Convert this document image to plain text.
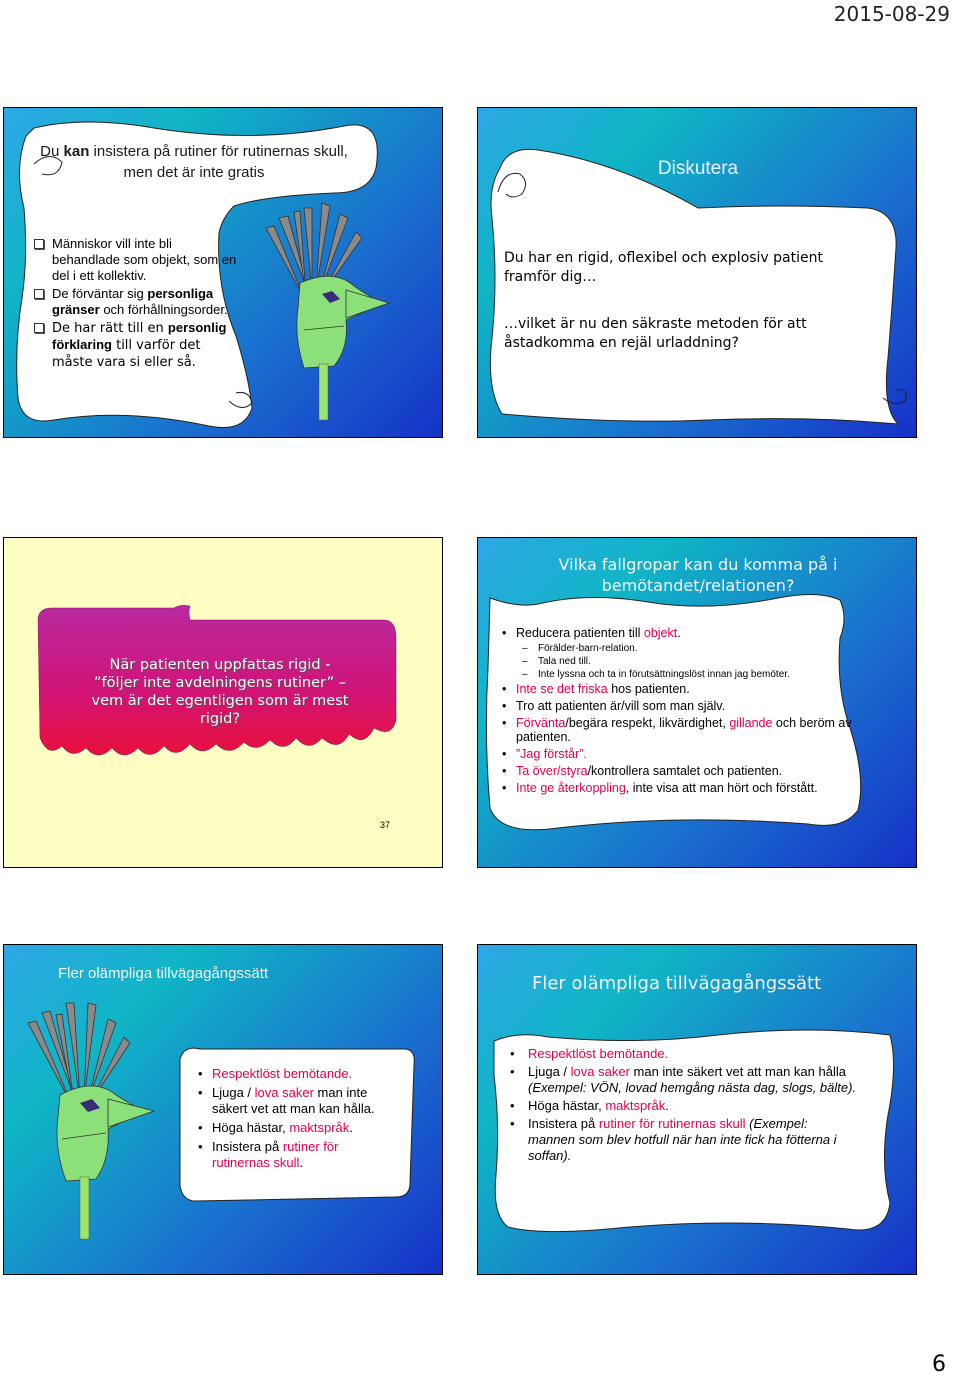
2015-08-29
Du kan insistera på rutiner för rutinernas skull, men det är inte gratis
Människor vill inte bli behandlade som objekt, som en del i ett kollektiv.
De förväntar sig personliga gränser och förhållningsorder.
De har rätt till en personlig förklaring till varför det måste vara si eller så.
Diskutera
Du har en rigid, oflexibel och explosiv patient framför dig…
…vilket är nu den säkraste metoden för att åstadkomma en rejäl urladdning?
När patienten uppfattas rigid - ”följer inte avdelningens rutiner” – vem är det egentligen som är mest rigid?
37
Vilka fallgropar kan du komma på i bemötandet/relationen?
• Reducera patienten till objekt.
– Förälder-barn-relation.
– Tala ned till.
– Inte lyssna och ta in förutsättningslöst innan jag bemöter.
• Inte se det friska hos patienten.
• Tro att patienten är/vill som man själv.
• Förvänta/begära respekt, likvärdighet, gillande och beröm av patienten.
• ”Jag förstår”.
• Ta över/styra/kontrollera samtalet och patienten.
• Inte ge återkoppling, inte visa att man hört och förstått.
Fler olämpliga tillvägagångssätt
• Respektlöst bemötande.
• Ljuga / lova saker man inte säkert vet att man kan hålla.
• Höga hästar, maktspråk.
• Insistera på rutiner för rutinernas skull.
Fler olämpliga tillvägagångssätt
• Respektlöst bemötande.
• Ljuga / lova saker man inte säkert vet att man kan hålla (Exempel: VÖN, lovad hemgång nästa dag, slogs, bälte).
• Höga hästar, maktspråk.
• Insistera på rutiner för rutinernas skull (Exempel: mannen som blev hotfull när han inte fick ha fötterna i soffan).
6
